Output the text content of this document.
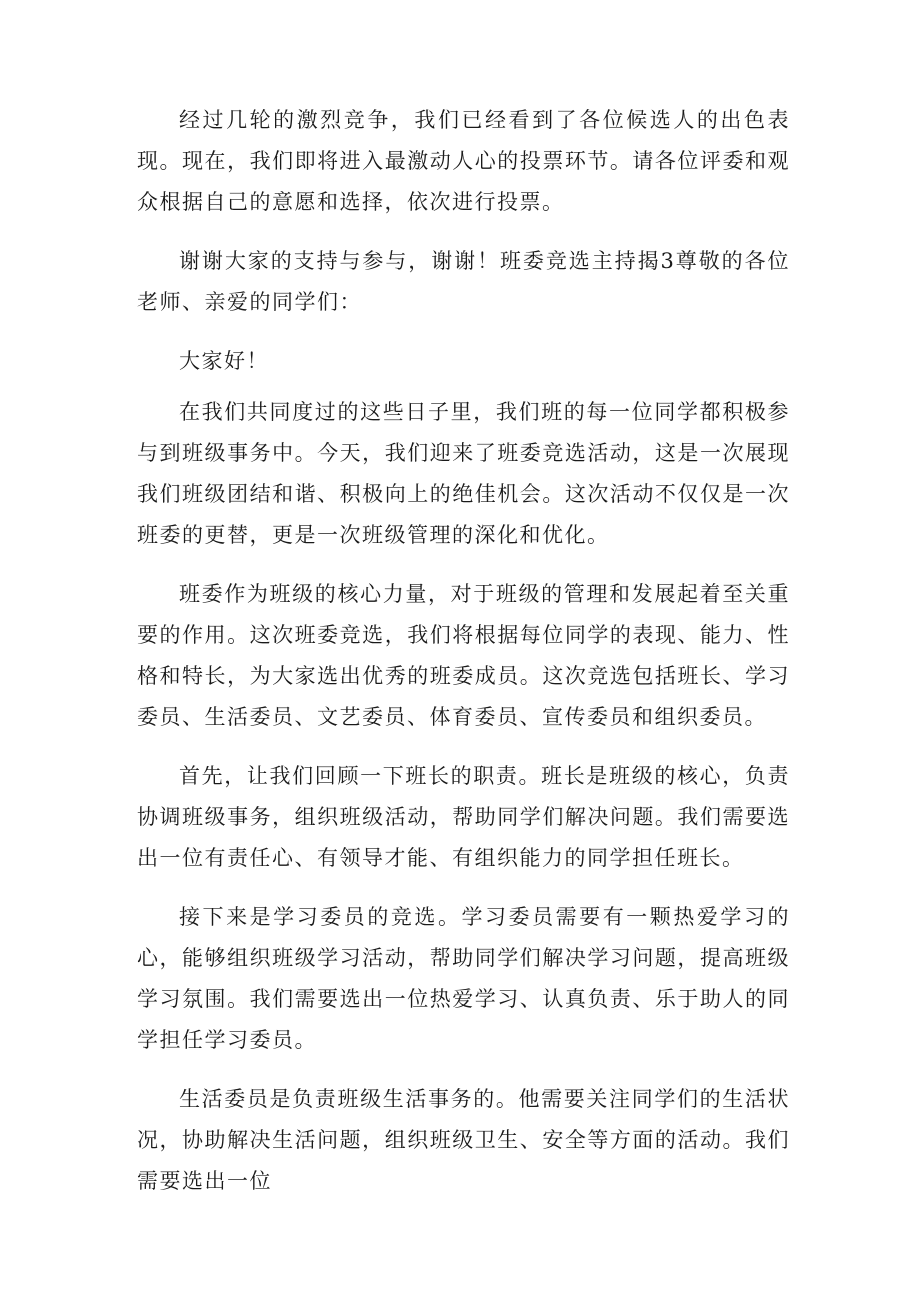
经过几轮的激烈竞争，我们已经看到了各位候选人的出色表现。现在，我们即将进入最激动人心的投票环节。请各位评委和观众根据自己的意愿和选择，依次进行投票。

谢谢大家的支持与参与，谢谢！班委竞选主持揭3尊敬的各位老师、亲爱的同学们：

大家好！

在我们共同度过的这些日子里，我们班的每一位同学都积极参与到班级事务中。今天，我们迎来了班委竞选活动，这是一次展现我们班级团结和谐、积极向上的绝佳机会。这次活动不仅仅是一次班委的更替，更是一次班级管理的深化和优化。

班委作为班级的核心力量，对于班级的管理和发展起着至关重要的作用。这次班委竞选，我们将根据每位同学的表现、能力、性格和特长，为大家选出优秀的班委成员。这次竞选包括班长、学习委员、生活委员、文艺委员、体育委员、宣传委员和组织委员。

首先，让我们回顾一下班长的职责。班长是班级的核心，负责协调班级事务，组织班级活动，帮助同学们解决问题。我们需要选出一位有责任心、有领导才能、有组织能力的同学担任班长。

接下来是学习委员的竞选。学习委员需要有一颗热爱学习的心，能够组织班级学习活动，帮助同学们解决学习问题，提高班级学习氛围。我们需要选出一位热爱学习、认真负责、乐于助人的同学担任学习委员。

生活委员是负责班级生活事务的。他需要关注同学们的生活状况，协助解决生活问题，组织班级卫生、安全等方面的活动。我们需要选出一位
